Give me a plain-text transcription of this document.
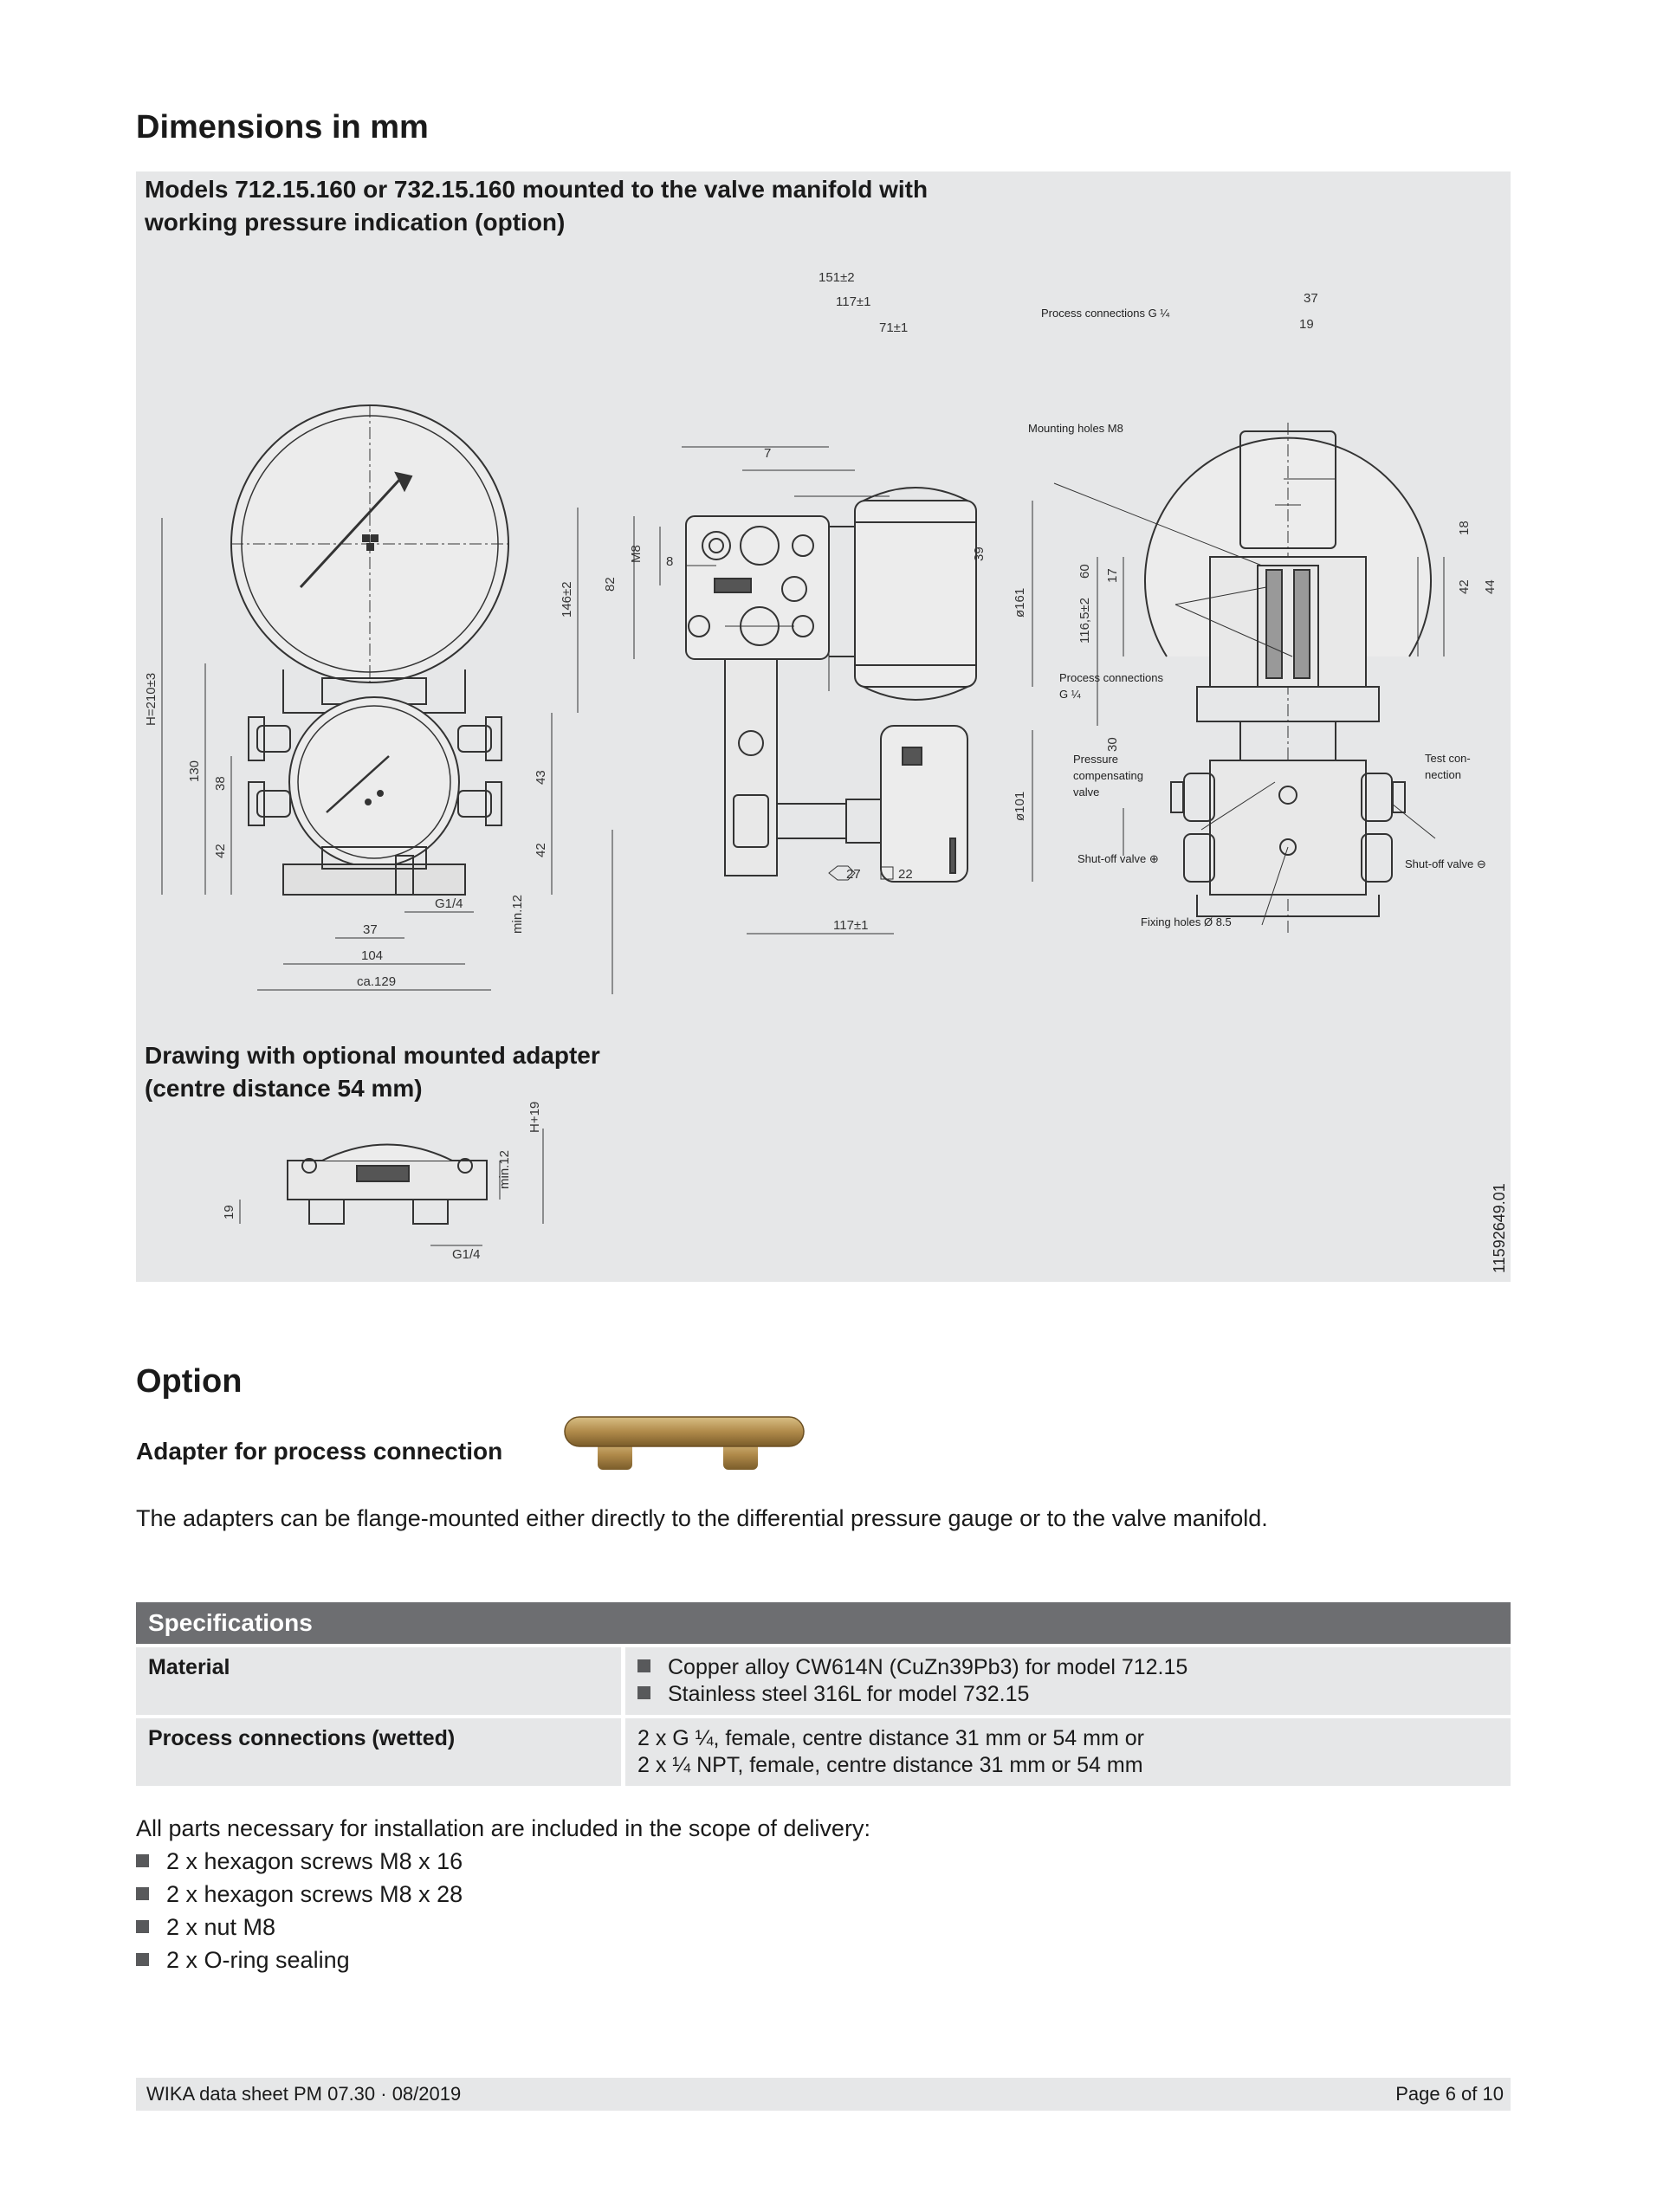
Dimensions in mm
Models 712.15.160 or 732.15.160 mounted to the valve manifold with
working pressure indication (option)
Drawing with optional mounted adapter
(centre distance 54 mm)
H=210±3
130
38
42
146±2
43
42
G1/4	min.12
37
104
ca.129
151±2
117±1
71±1
7
82
M8 8
39
ø161
ø101
27	22
117±1
37
19
116,5±2
17
60
30
18
42 44
H+19
min.12
19
G1/4
Process connections G ¼
Mounting holes M8
Process connections
G ¼
Pressure
compensating
valve
Test con-
nection
Shut-off valve ⊕	Shut-off valve ⊖
Fixing holes Ø 8.5
11592649.01
Option
Adapter for process connection
The adapters can be flange-mounted either directly to the differential pressure gauge or to the valve manifold.
Specifications	
Material	Copper alloy CW614N (CuZn39Pb3) for model 712.15
Stainless steel 316L for model 732.15

Process connections (wetted)	2 x G ¼, female, centre distance 31 mm or 54 mm or
2 x ¼ NPT, female, centre distance 31 mm or 54 mm
All parts necessary for installation are included in the scope of delivery:
2 x hexagon screws M8 x 16
2 x hexagon screws M8 x 28
2 x nut M8
2 x O-ring sealing
WIKA data sheet PM 07.30 · 08/2019	Page 6 of 10
